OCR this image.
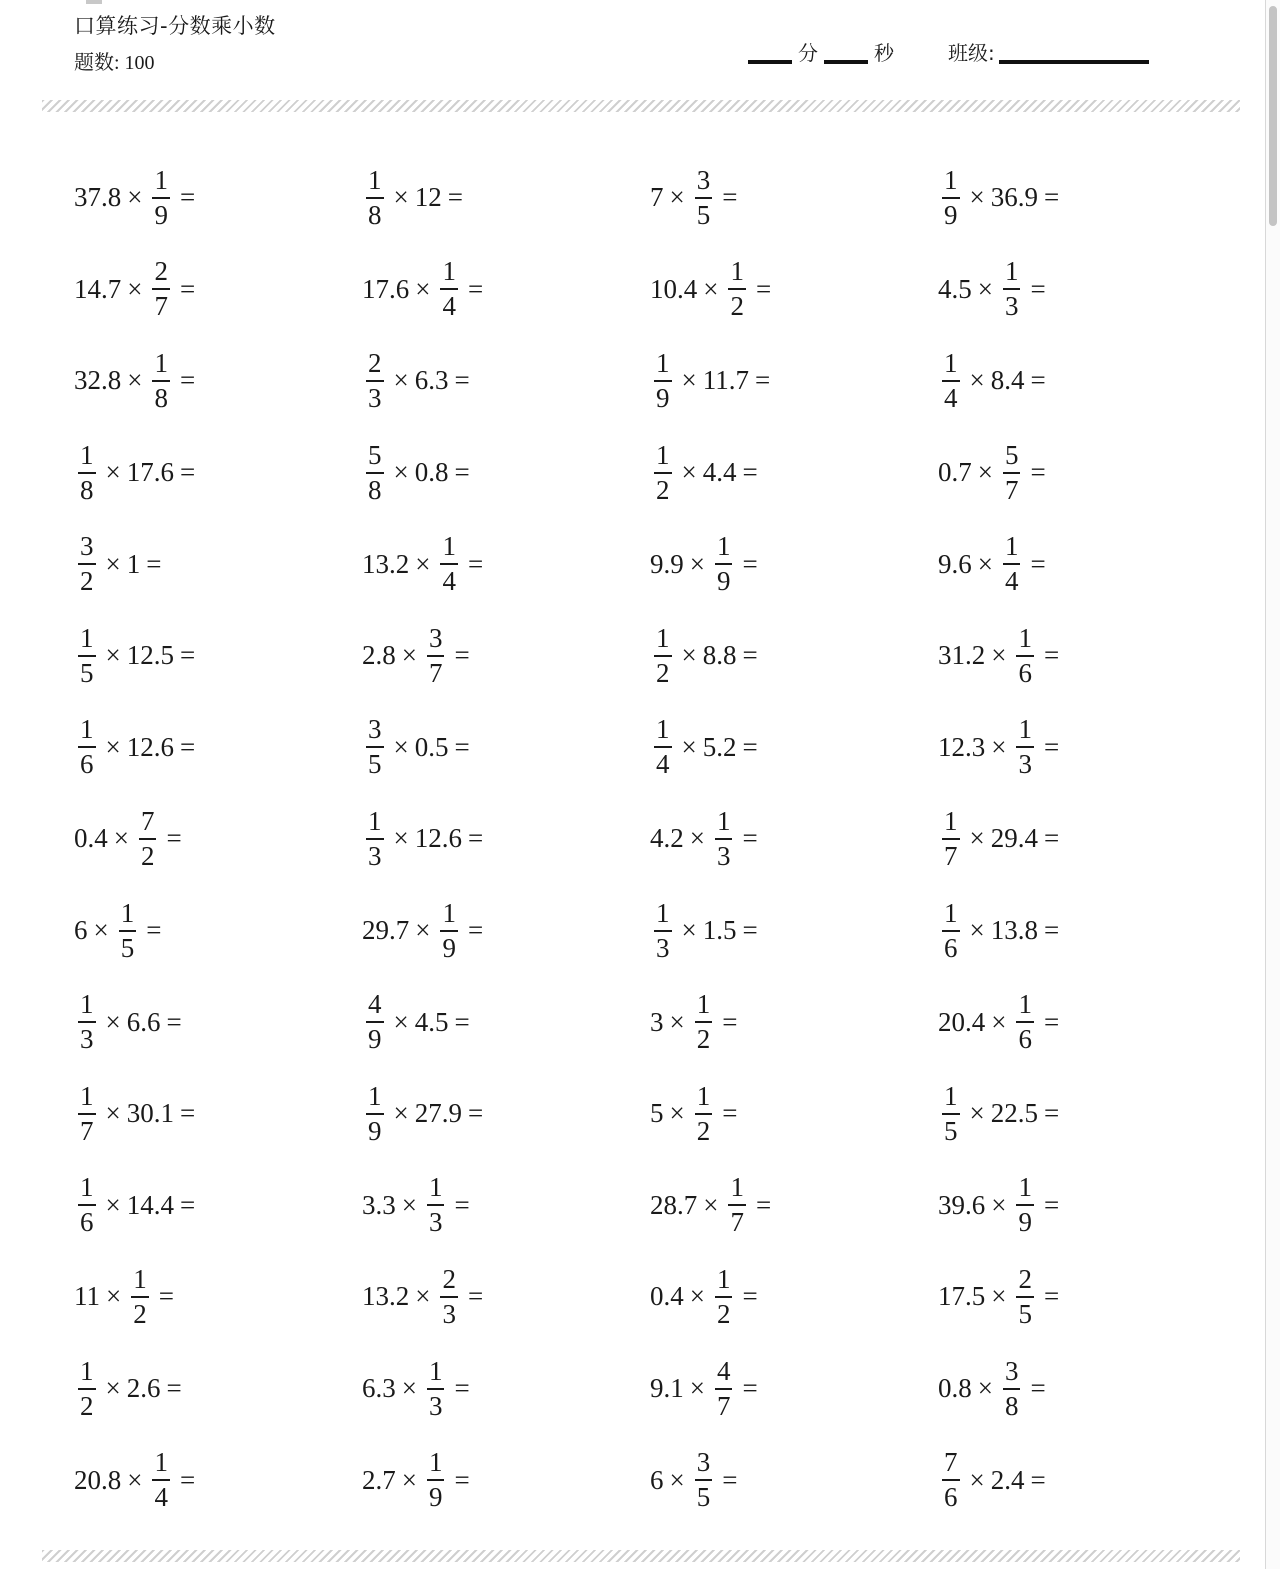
口算练习-分数乘小数
题数: 100	分	秒	班级:
$37.8 \times \frac{1}{9}$ =	$\frac{1}{8} \times 12$ =	$7 \times \frac{3}{5}$ =	$\frac{1}{9} \times 36.9$ =
$14.7 \times \frac{2}{7}$ =	$17.6 \times \frac{1}{4}$ =	$10.4 \times \frac{1}{2}$ =	$4.5 \times \frac{1}{3}$ =
$32.8 \times \frac{1}{8}$ =	$\frac{2}{3} \times 6.3$ =	$\frac{1}{9} \times 11.7$ =	$\frac{1}{4} \times 8.4$ =
$\frac{1}{8} \times 17.6$ =	$\frac{5}{8} \times 0.8$ =	$\frac{1}{2} \times 4.4$ =	$0.7 \times \frac{5}{7}$ =
$\frac{3}{2} \times 1$ =	$13.2 \times \frac{1}{4}$ =	$9.9 \times \frac{1}{9}$ =	$9.6 \times \frac{1}{4}$ =
$\frac{1}{5} \times 12.5$ =	$2.8 \times \frac{3}{7}$ =	$\frac{1}{2} \times 8.8$ =	$31.2 \times \frac{1}{6}$ =
$\frac{1}{6} \times 12.6$ =	$\frac{3}{5} \times 0.5$ =	$\frac{1}{4} \times 5.2$ =	$12.3 \times \frac{1}{3}$ =
$0.4 \times \frac{7}{2}$ =	$\frac{1}{3} \times 12.6$ =	$4.2 \times \frac{1}{3}$ =	$\frac{1}{7} \times 29.4$ =
$6 \times \frac{1}{5}$ =	$29.7 \times \frac{1}{9}$ =	$\frac{1}{3} \times 1.5$ =	$\frac{1}{6} \times 13.8$ =
$\frac{1}{3} \times 6.6$ =	$\frac{4}{9} \times 4.5$ =	$3 \times \frac{1}{2}$ =	$20.4 \times \frac{1}{6}$ =
$\frac{1}{7} \times 30.1$ =	$\frac{1}{9} \times 27.9$ =	$5 \times \frac{1}{2}$ =	$\frac{1}{5} \times 22.5$ =
$\frac{1}{6} \times 14.4$ =	$3.3 \times \frac{1}{3}$ =	$28.7 \times \frac{1}{7}$ =	$39.6 \times \frac{1}{9}$ =
$11 \times \frac{1}{2}$ =	$13.2 \times \frac{2}{3}$ =	$0.4 \times \frac{1}{2}$ =	$17.5 \times \frac{2}{5}$ =
$\frac{1}{2} \times 2.6$ =	$6.3 \times \frac{1}{3}$ =	$9.1 \times \frac{4}{7}$ =	$0.8 \times \frac{3}{8}$ =
$20.8 \times \frac{1}{4}$ =	$2.7 \times \frac{1}{9}$ =	$6 \times \frac{3}{5}$ =	$\frac{7}{6} \times 2.4$ =
